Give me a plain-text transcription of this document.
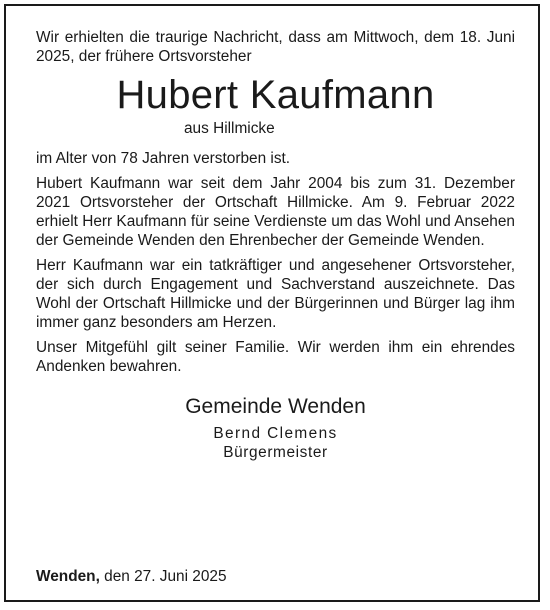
Wir erhielten die traurige Nachricht, dass am Mittwoch, dem 18. Juni 2025, der frühere Ortsvorsteher

Hubert Kaufmann
aus Hillmicke

im Alter von 78 Jahren verstorben ist.

Hubert Kaufmann war seit dem Jahr 2004 bis zum 31. Dezember 2021 Ortsvorsteher der Ortschaft Hillmicke. Am 9. Februar 2022 erhielt Herr Kaufmann für seine Verdienste um das Wohl und Ansehen der Gemeinde Wenden den Ehrenbecher der Gemeinde Wenden.

Herr Kaufmann war ein tatkräftiger und angesehener Ortsvorsteher, der sich durch Engagement und Sachverstand auszeichnete. Das Wohl der Ortschaft Hillmicke und der Bürgerinnen und Bürger lag ihm immer ganz besonders am Herzen.

Unser Mitgefühl gilt seiner Familie. Wir werden ihm ein ehrendes Andenken bewahren.

Gemeinde Wenden
Bernd Clemens
Bürgermeister
Wenden, den 27. Juni 2025
